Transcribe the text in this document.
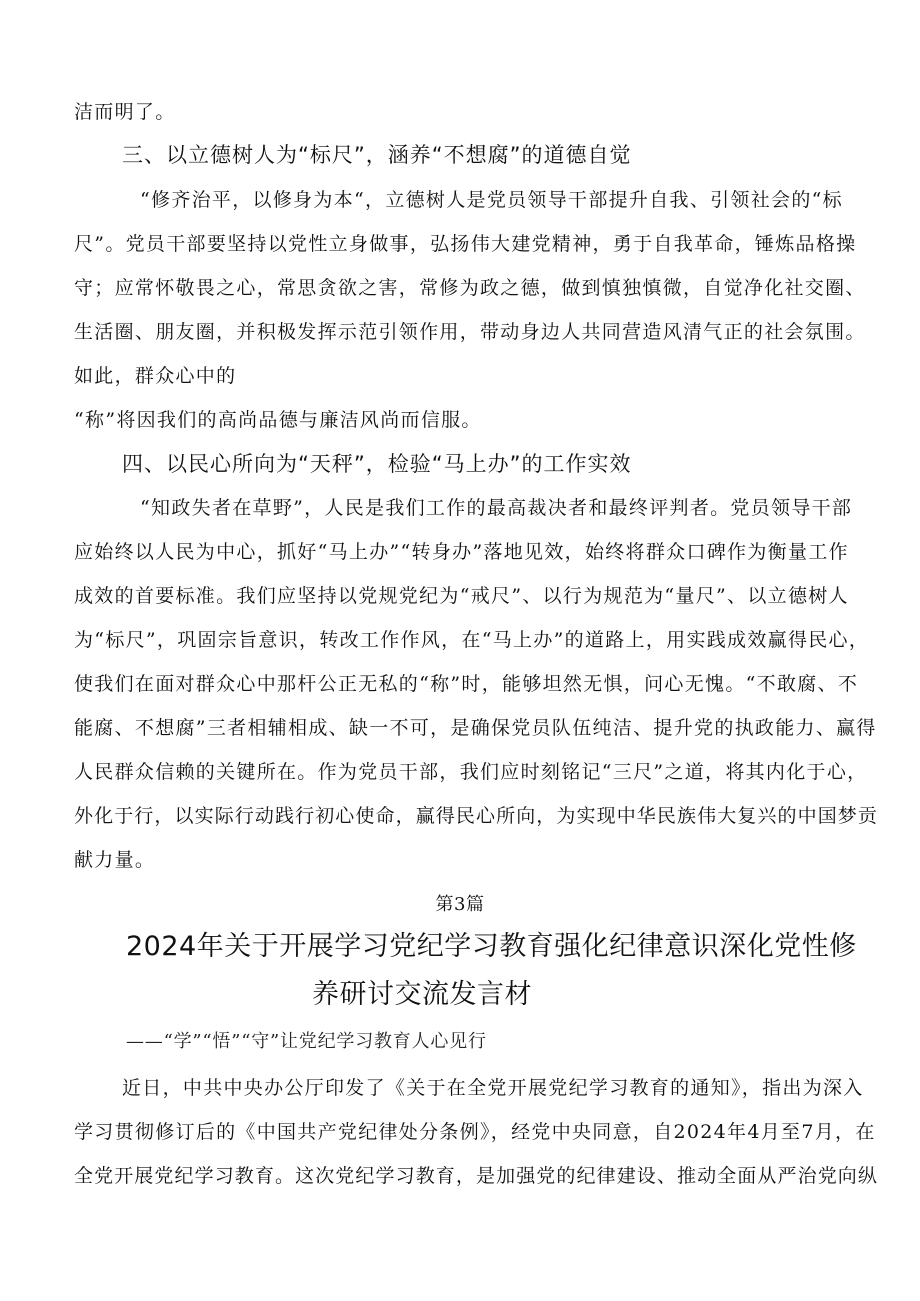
洁而明了。
三、以立德树人为“标尺”，涵养“不想腐”的道德自觉
“修齐治平，以修身为本“，立德树人是党员领导干部提升自我、引领社会的“标
尺”。党员干部要坚持以党性立身做事，弘扬伟大建党精神，勇于自我革命，锤炼品格操
守；应常怀敬畏之心，常思贪欲之害，常修为政之德，做到慎独慎微，自觉净化社交圈、
生活圈、朋友圈，并积极发挥示范引领作用，带动身边人共同营造风清气正的社会氛围。
如此，群众心中的
“称”将因我们的高尚品德与廉洁风尚而信服。
四、以民心所向为“天秤”，检验“马上办”的工作实效
“知政失者在草野”，人民是我们工作的最高裁决者和最终评判者。党员领导干部
应始终以人民为中心，抓好“马上办”“转身办”落地见效，始终将群众口碑作为衡量工作
成效的首要标准。我们应坚持以党规党纪为“戒尺”、以行为规范为“量尺”、以立德树人
为“标尺”，巩固宗旨意识，转改工作作风，在“马上办”的道路上，用实践成效赢得民心，
使我们在面对群众心中那杆公正无私的“称”时，能够坦然无惧，问心无愧。“不敢腐、不
能腐、不想腐”三者相辅相成、缺一不可，是确保党员队伍纯洁、提升党的执政能力、赢得
人民群众信赖的关键所在。作为党员干部，我们应时刻铭记“三尺”之道，将其内化于心，
外化于行，以实际行动践行初心使命，赢得民心所向，为实现中华民族伟大复兴的中国梦贡
献力量。
第3篇
2024年关于开展学习党纪学习教育强化纪律意识深化党性修
养研讨交流发言材
——“学”“悟”“守”让党纪学习教育人心见行
近日，中共中央办公厅印发了《关于在全党开展党纪学习教育的通知》，指出为深入
学习贯彻修订后的《中国共产党纪律处分条例》，经党中央同意，自2024年4月至7月，在
全党开展党纪学习教育。这次党纪学习教育，是加强党的纪律建设、推动全面从严治党向纵
